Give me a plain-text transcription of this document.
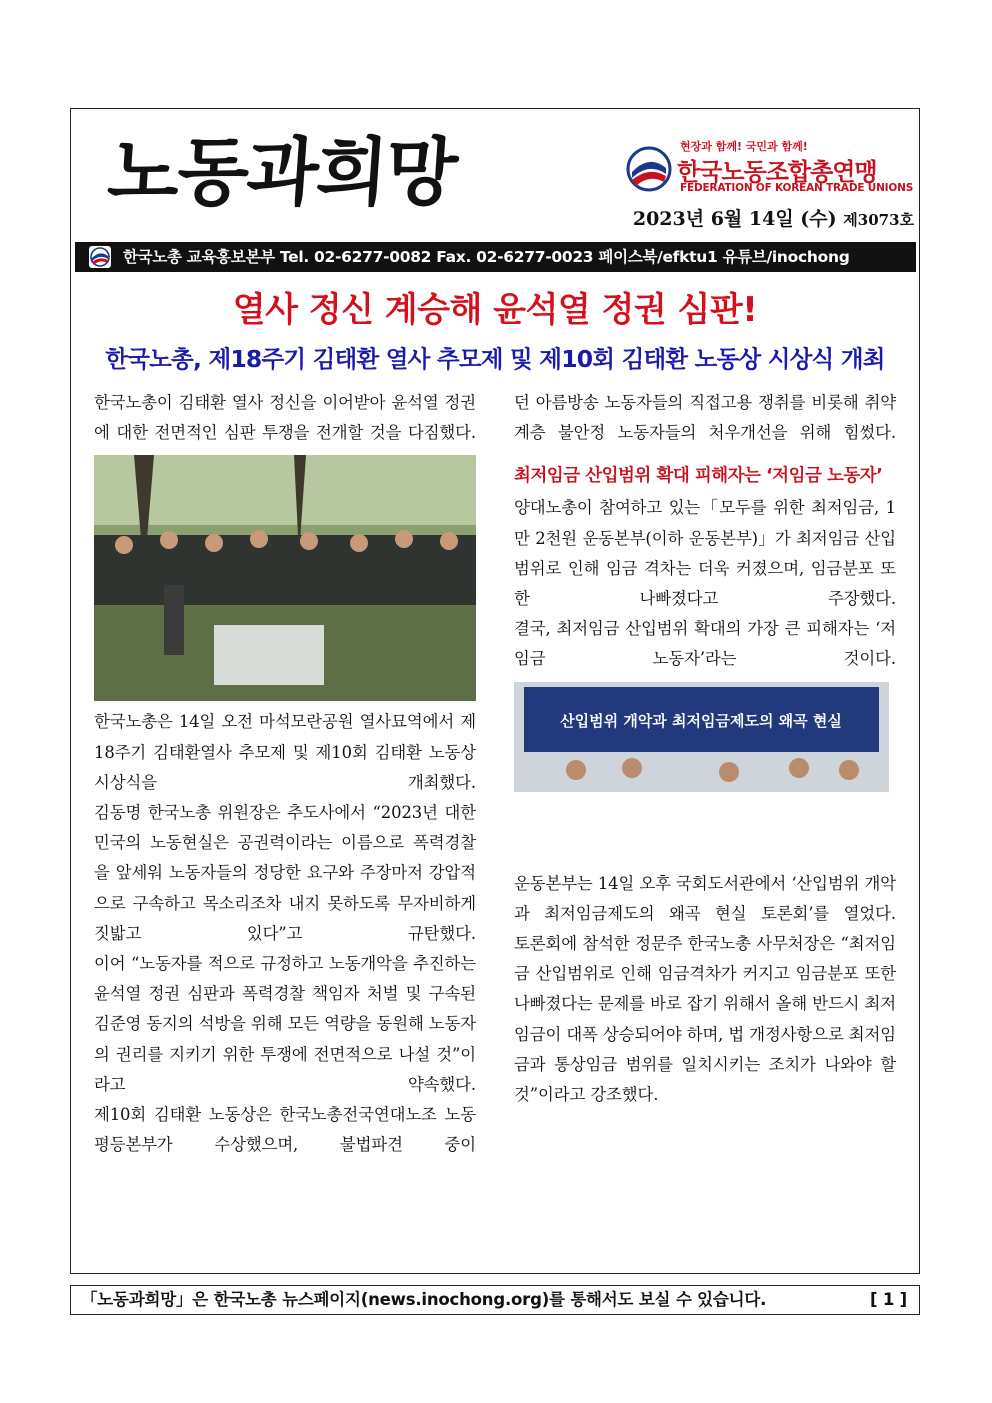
노동과희망	현장과 함께! 국민과 함께!
한국노동조합총연맹
FEDERATION OF KOREAN TRADE UNIONS
2023년 6월 14일 (수) 제3073호
한국노총 교육홍보본부 Tel. 02-6277-0082 Fax. 02-6277-0023 페이스북/efktu1 유튜브/inochong
열사 정신 계승해 윤석열 정권 심판!
한국노총, 제18주기 김태환 열사 추모제 및 제10회 김태환 노동상 시상식 개최

한국노총이 김태환 열사 정신을 이어받아 윤석열 정권에 대한 전면적인 심판 투쟁을 전개할 것을 다짐했다.

한국노총은 14일 오전 마석모란공원 열사묘역에서 제18주기 김태환열사 추모제 및 제10회 김태환 노동상 시상식을 개최했다.

김동명 한국노총 위원장은 추도사에서 “2023년 대한민국의 노동현실은 공권력이라는 이름으로 폭력경찰을 앞세워 노동자들의 정당한 요구와 주장마저 강압적으로 구속하고 목소리조차 내지 못하도록 무자비하게 짓밟고 있다”고 규탄했다.

이어 “노동자를 적으로 규정하고 노동개악을 추진하는 윤석열 정권 심판과 폭력경찰 책임자 처벌 및 구속된 김준영 동지의 석방을 위해 모든 역량을 동원해 노동자의 권리를 지키기 위한 투쟁에 전면적으로 나설 것”이라고 약속했다.

제10회 김태환 노동상은 한국노총전국연대노조 노동평등본부가 수상했으며, 불법파견 중이

던 아름방송 노동자들의 직접고용 쟁취를 비롯해 취약계층 불안정 노동자들의 처우개선을 위해 힘썼다.

최저임금 산입범위 확대 피해자는 ‘저임금 노동자’

양대노총이 참여하고 있는「모두를 위한 최저임금, 1만 2천원 운동본부(이하 운동본부)」가 최저임금 산입범위로 인해 임금 격차는 더욱 커졌으며, 임금분포 또한 나빠졌다고 주장했다.

결국, 최저임금 산입범위 확대의 가장 큰 피해자는 ‘저임금 노동자’라는 것이다.

산입범위 개악과 최저임금제도의 왜곡 현실

운동본부는 14일 오후 국회도서관에서 ‘산입범위 개악과 최저임금제도의 왜곡 현실 토론회’를 열었다.

토론회에 참석한 정문주 한국노총 사무처장은 “최저임금 산입범위로 인해 임금격차가 커지고 임금분포 또한 나빠졌다는 문제를 바로 잡기 위해서 올해 반드시 최저임금이 대폭 상승되어야 하며, 법 개정사항으로 최저임금과 통상임금 범위를 일치시키는 조치가 나와야 할 것”이라고 강조했다.

「노동과희망」은 한국노총 뉴스페이지(news.inochong.org)를 통해서도 보실 수 있습니다.	[ 1 ]
